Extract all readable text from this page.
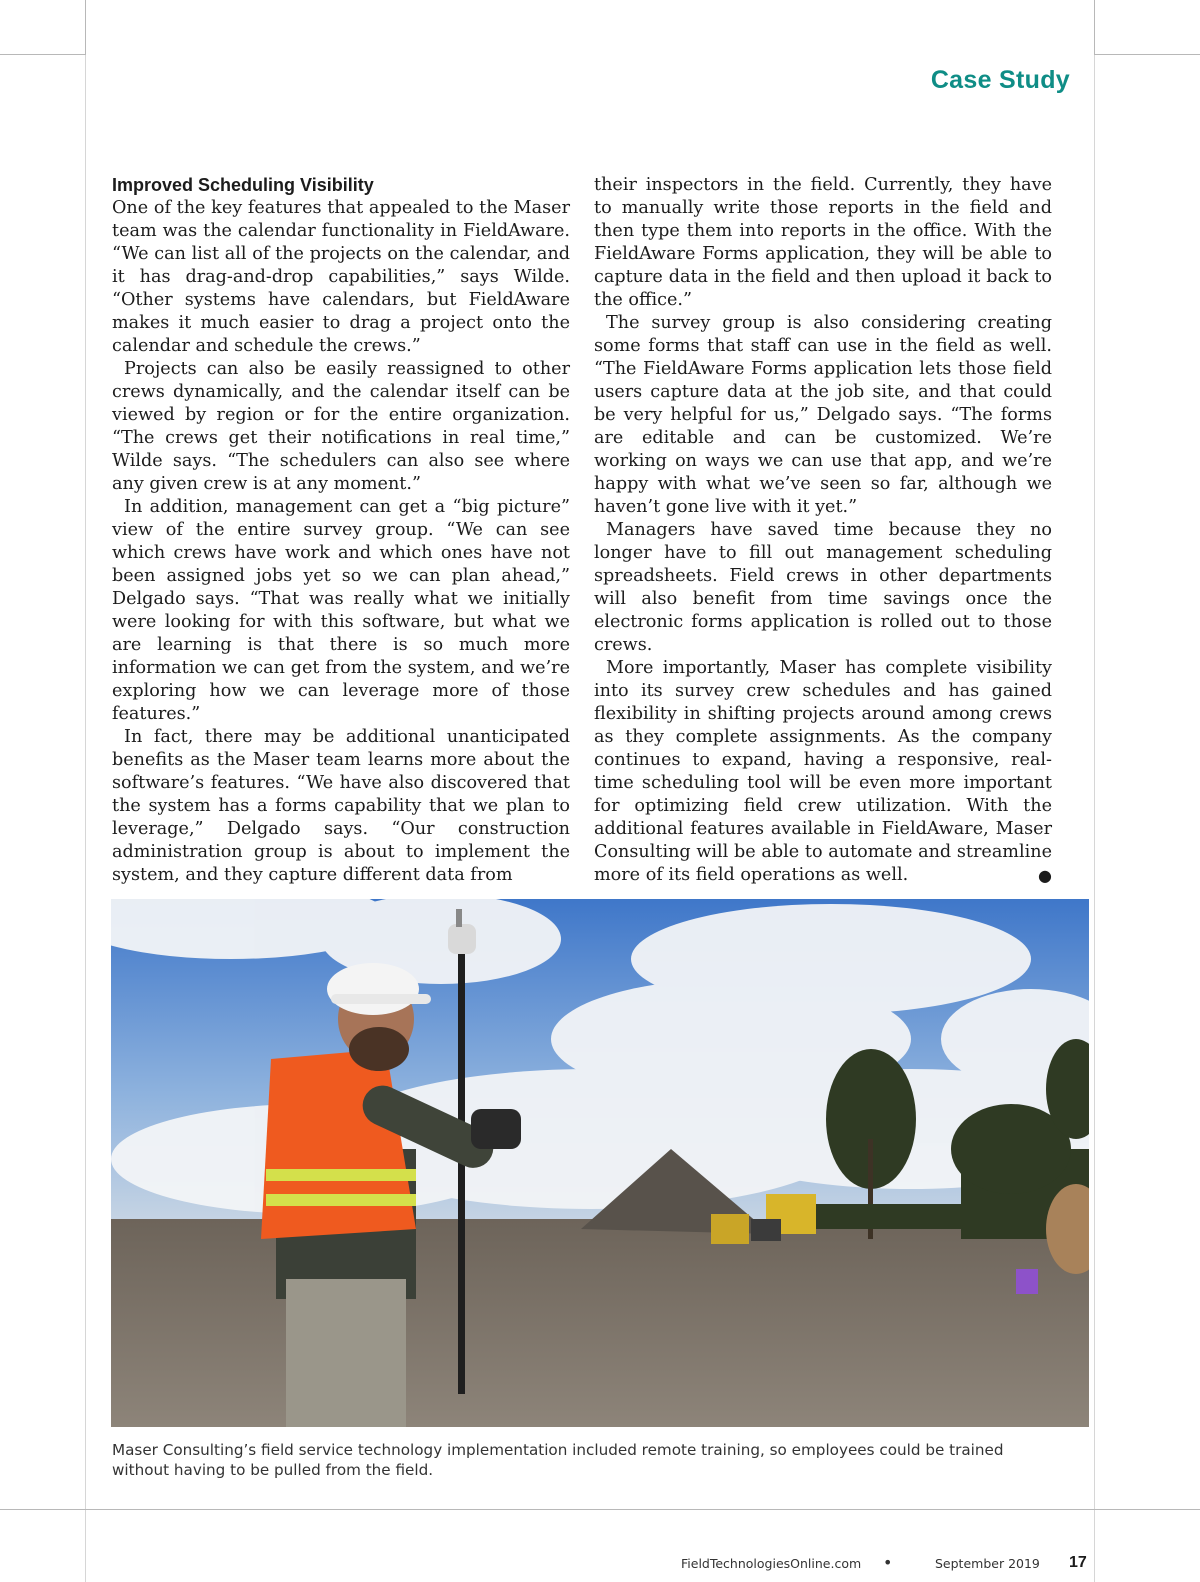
Case Study
Improved Scheduling Visibility

One of the key features that appealed to the Maser team was the calendar functionality in FieldAware. “We can list all of the projects on the calendar, and it has drag-and-drop capabilities,” says Wilde. “Other systems have calendars, but FieldAware makes it much easier to drag a project onto the calendar and schedule the crews.”

Projects can also be easily reassigned to other crews dynamically, and the calendar itself can be viewed by region or for the entire organization. “The crews get their notifications in real time,” Wilde says. “The schedulers can also see where any given crew is at any moment.”

In addition, management can get a “big picture” view of the entire survey group. “We can see which crews have work and which ones have not been assigned jobs yet so we can plan ahead,” Delgado says. “That was really what we initially were looking for with this software, but what we are learning is that there is so much more information we can get from the system, and we’re exploring how we can leverage more of those features.”

In fact, there may be additional unanticipated benefits as the Maser team learns more about the software’s features. “We have also discovered that the system has a forms capability that we plan to leverage,” Delgado says. “Our construction administration group is about to implement the system, and they capture different data from

their inspectors in the field. Currently, they have to manually write those reports in the field and then type them into reports in the office. With the FieldAware Forms application, they will be able to capture data in the field and then upload it back to the office.”

The survey group is also considering creating some forms that staff can use in the field as well. “The FieldAware Forms application lets those field users capture data at the job site, and that could be very helpful for us,” Delgado says. “The forms are editable and can be customized. We’re working on ways we can use that app, and we’re happy with what we’ve seen so far, although we haven’t gone live with it yet.”

Managers have saved time because they no longer have to fill out management scheduling spreadsheets. Field crews in other departments will also benefit from time savings once the electronic forms application is rolled out to those crews.

More importantly, Maser has complete visibility into its survey crew schedules and has gained flexibility in shifting projects around among crews as they complete assignments. As the company continues to expand, having a responsive, real-time scheduling tool will be even more important for optimizing field crew utilization. With the additional features available in FieldAware, Maser Consulting will be able to automate and streamline more of its field operations as well.	●

Maser Consulting’s field service technology implementation included remote training, so employees could be trained without having to be pulled from the field.
FieldTechnologiesOnline.com •	September 2019 17
